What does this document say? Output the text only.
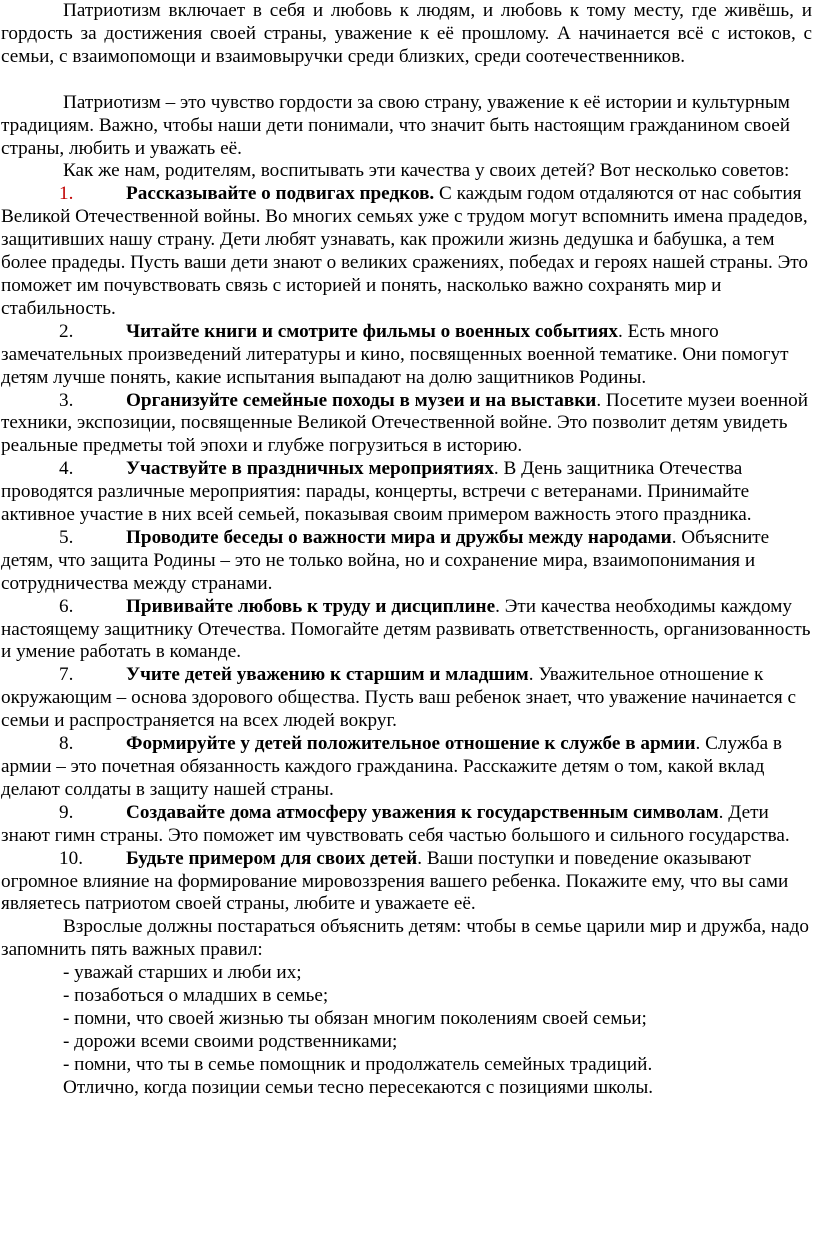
Патриотизм включает в себя и любовь к людям, и любовь к тому месту, где живёшь, и гордость за достижения своей страны, уважение к её прошлому. А начинается всё с истоков, с семьи, с взаимопомощи и взаимовыручки среди близких, среди соотечественников.

Патриотизм – это чувство гордости за свою страну, уважение к её истории и культурным традициям. Важно, чтобы наши дети понимали, что значит быть настоящим гражданином своей страны, любить и уважать её.

Как же нам, родителям, воспитывать эти качества у своих детей? Вот несколько советов:

1.	Рассказывайте о подвигах предков. С каждым годом отдаляются от нас события Великой Отечественной войны. Во многих семьях уже с трудом могут вспомнить имена прадедов, защитивших нашу страну. Дети любят узнавать, как прожили жизнь дедушка и бабушка, а тем более прадеды. Пусть ваши дети знают о великих сражениях, победах и героях нашей страны. Это поможет им почувствовать связь с историей и понять, насколько важно сохранять мир и стабильность.

2.	Читайте книги и смотрите фильмы о военных событиях. Есть много замечательных произведений литературы и кино, посвященных военной тематике. Они помогут детям лучше понять, какие испытания выпадают на долю защитников Родины.

3.	Организуйте семейные походы в музеи и на выставки. Посетите музеи военной техники, экспозиции, посвященные Великой Отечественной войне. Это позволит детям увидеть реальные предметы той эпохи и глубже погрузиться в историю.

4.	Участвуйте в праздничных мероприятиях. В День защитника Отечества проводятся различные мероприятия: парады, концерты, встречи с ветеранами. Принимайте активное участие в них всей семьей, показывая своим примером важность этого праздника.

5.	Проводите беседы о важности мира и дружбы между народами. Объясните детям, что защита Родины – это не только война, но и сохранение мира, взаимопонимания и сотрудничества между странами.

6.	Прививайте любовь к труду и дисциплине. Эти качества необходимы каждому настоящему защитнику Отечества. Помогайте детям развивать ответственность, организованность и умение работать в команде.

7.	Учите детей уважению к старшим и младшим. Уважительное отношение к окружающим – основа здорового общества. Пусть ваш ребенок знает, что уважение начинается с семьи и распространяется на всех людей вокруг.

8.	Формируйте у детей положительное отношение к службе в армии. Служба в армии – это почетная обязанность каждого гражданина. Расскажите детям о том, какой вклад делают солдаты в защиту нашей страны.

9.	Создавайте дома атмосферу уважения к государственным символам. Дети знают гимн страны. Это поможет им чувствовать себя частью большого и сильного государства.

10. Будьте примером для своих детей. Ваши поступки и поведение оказывают огромное влияние на формирование мировоззрения вашего ребенка. Покажите ему, что вы сами являетесь патриотом своей страны, любите и уважаете её.

Взрослые должны постараться объяснить детям: чтобы в семье царили мир и дружба, надо запомнить пять важных правил:

- уважай старших и люби их;

- позаботься о младших в семье;

- помни, что своей жизнью ты обязан многим поколениям своей семьи;

- дорожи всеми своими родственниками;

- помни, что ты в семье помощник и продолжатель семейных традиций.

Отлично, когда позиции семьи тесно пересекаются с позициями школы.
